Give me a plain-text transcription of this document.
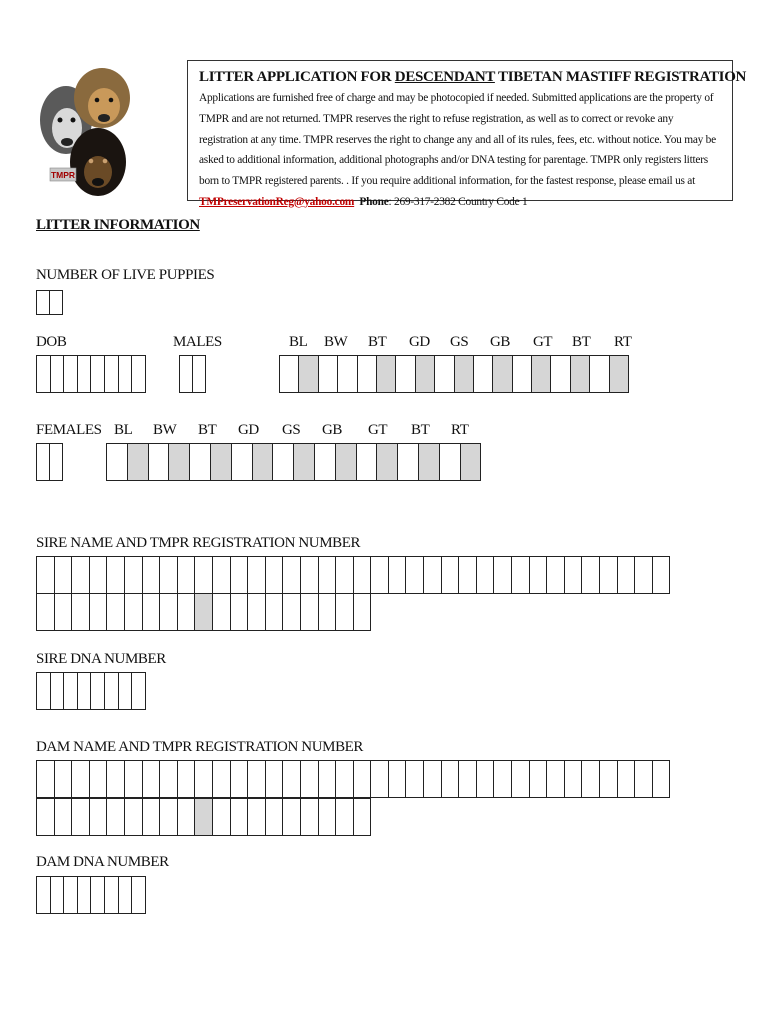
TMPR
LITTER APPLICATION FOR DESCENDANT TIBETAN MASTIFF REGISTRATION
Applications are furnished free of charge and may be photocopied if needed. Submitted applications are the property of TMPR and are not returned. TMPR reserves the right to refuse registration, as well as to correct or revoke any registration at any time. TMPR reserves the right to change any and all of its rules, fees, etc. without notice. You may be asked to additional information, additional photographs and/or DNA testing for parentage. TMPR only registers litters born to TMPR registered parents. . If you require additional information, for the fastest response, please email us at TMPreservationReg@yahoo.com Phone: 269-317-2382 Country Code 1
LITTER INFORMATION
NUMBER OF LIVE PUPPIES
DOB	MALES	BL BW BT GD GS GB GT BT RT
FEMALES BL BW BT GD GS GB GT BT RT
SIRE NAME AND TMPR REGISTRATION NUMBER
SIRE DNA NUMBER
DAM NAME AND TMPR REGISTRATION NUMBER
DAM DNA NUMBER
